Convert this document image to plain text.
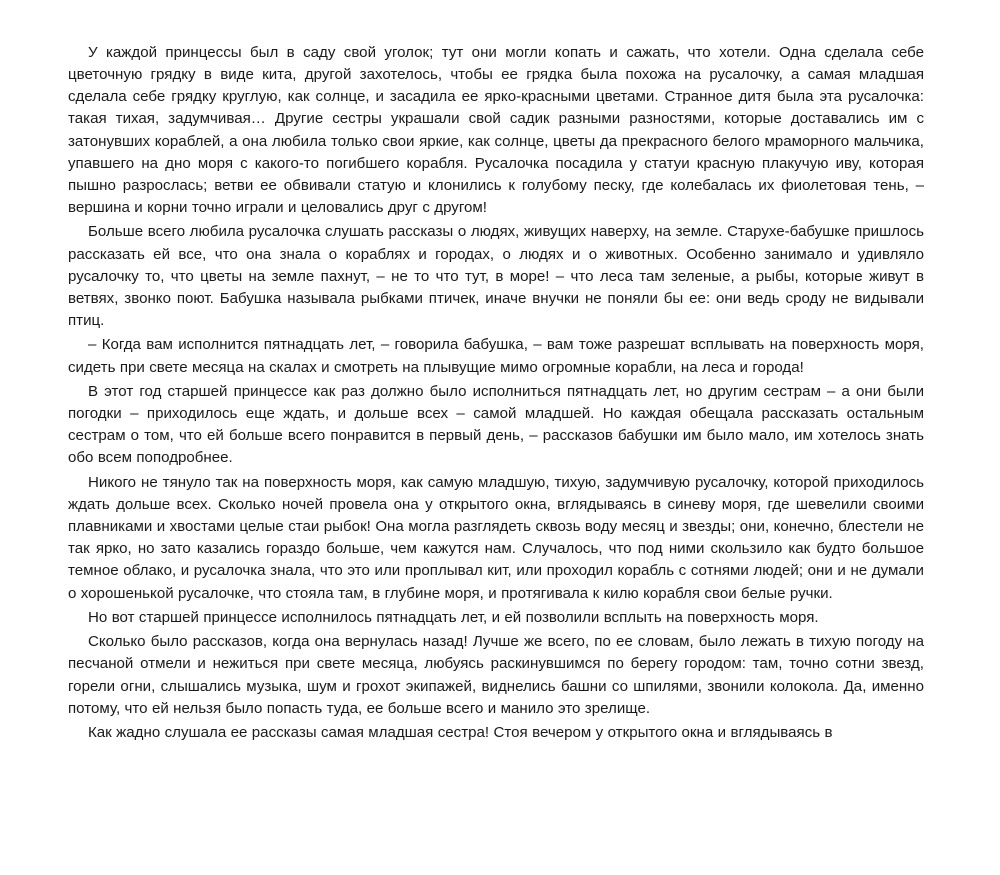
У каждой принцессы был в саду свой уголок; тут они могли копать и сажать, что хотели. Одна сделала себе цветочную грядку в виде кита, другой захотелось, чтобы ее грядка была похожа на русалочку, а самая младшая сделала себе грядку круглую, как солнце, и засадила ее ярко-красными цветами. Странное дитя была эта русалочка: такая тихая, задумчивая… Другие сестры украшали свой садик разными разностями, которые доставались им с затонувших кораблей, а она любила только свои яркие, как солнце, цветы да прекрасного белого мраморного мальчика, упавшего на дно моря с какого-то погибшего корабля. Русалочка посадила у статуи красную плакучую иву, которая пышно разрослась; ветви ее обвивали статую и клонились к голубому песку, где колебалась их фиолетовая тень, – вершина и корни точно играли и целовались друг с другом!

Больше всего любила русалочка слушать рассказы о людях, живущих наверху, на земле. Старухе-бабушке пришлось рассказать ей все, что она знала о кораблях и городах, о людях и о животных. Особенно занимало и удивляло русалочку то, что цветы на земле пахнут, – не то что тут, в море! – что леса там зеленые, а рыбы, которые живут в ветвях, звонко поют. Бабушка называла рыбками птичек, иначе внучки не поняли бы ее: они ведь сроду не видывали птиц.

– Когда вам исполнится пятнадцать лет, – говорила бабушка, – вам тоже разрешат всплывать на поверхность моря, сидеть при свете месяца на скалах и смотреть на плывущие мимо огромные корабли, на леса и города!

В этот год старшей принцессе как раз должно было исполниться пятнадцать лет, но другим сестрам – а они были погодки – приходилось еще ждать, и дольше всех – самой младшей. Но каждая обещала рассказать остальным сестрам о том, что ей больше всего понравится в первый день, – рассказов бабушки им было мало, им хотелось знать обо всем поподробнее.

Никого не тянуло так на поверхность моря, как самую младшую, тихую, задумчивую русалочку, которой приходилось ждать дольше всех. Сколько ночей провела она у открытого окна, вглядываясь в синеву моря, где шевелили своими плавниками и хвостами целые стаи рыбок! Она могла разглядеть сквозь воду месяц и звезды; они, конечно, блестели не так ярко, но зато казались гораздо больше, чем кажутся нам. Случалось, что под ними скользило как будто большое темное облако, и русалочка знала, что это или проплывал кит, или проходил корабль с сотнями людей; они и не думали о хорошенькой русалочке, что стояла там, в глубине моря, и протягивала к килю корабля свои белые ручки.

Но вот старшей принцессе исполнилось пятнадцать лет, и ей позволили всплыть на поверхность моря.

Сколько было рассказов, когда она вернулась назад! Лучше же всего, по ее словам, было лежать в тихую погоду на песчаной отмели и нежиться при свете месяца, любуясь раскинувшимся по берегу городом: там, точно сотни звезд, горели огни, слышались музыка, шум и грохот экипажей, виднелись башни со шпилями, звонили колокола. Да, именно потому, что ей нельзя было попасть туда, ее больше всего и манило это зрелище.

Как жадно слушала ее рассказы самая младшая сестра! Стоя вечером у открытого окна и вглядываясь в
